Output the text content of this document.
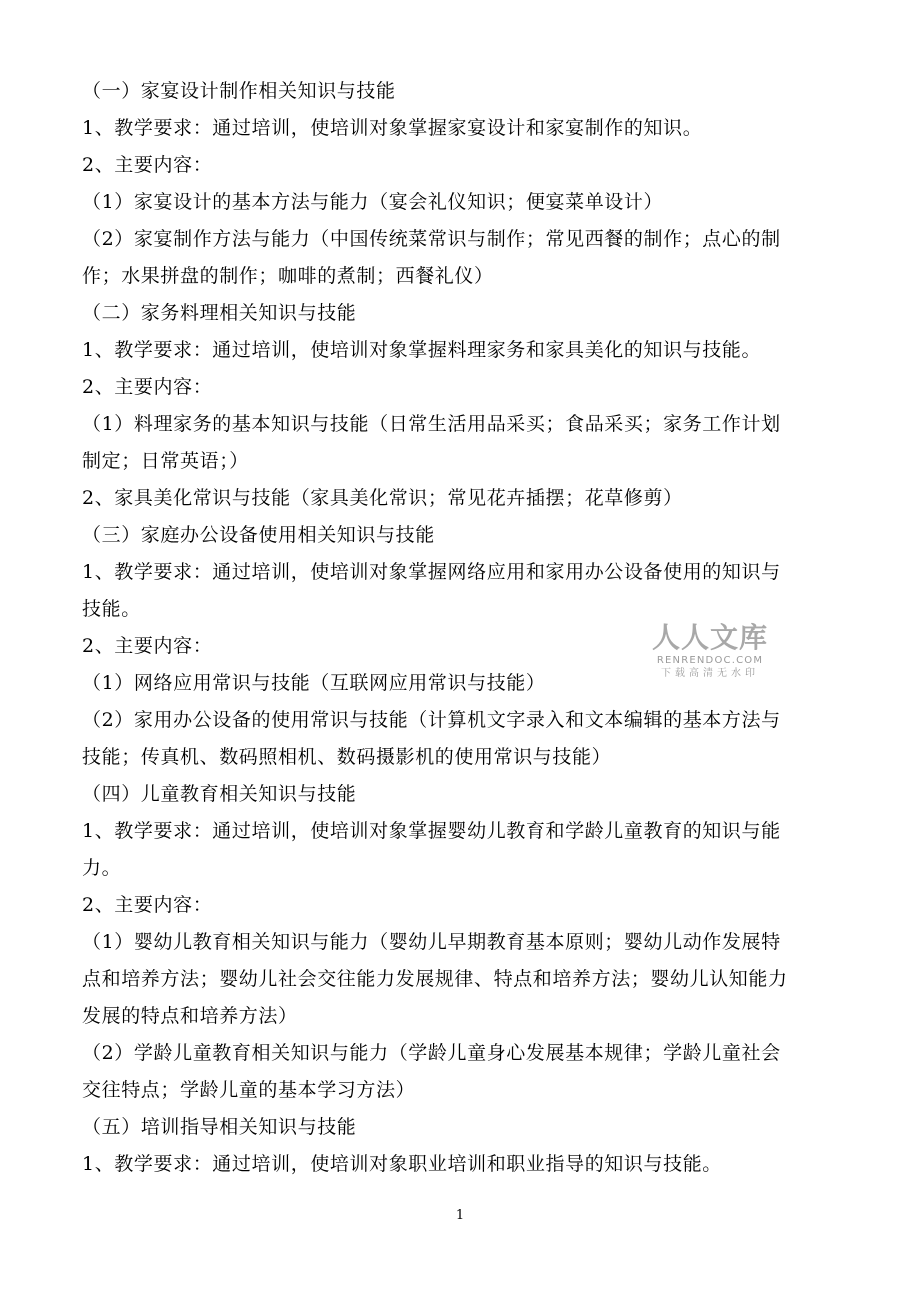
（一）家宴设计制作相关知识与技能
1、教学要求：通过培训，使培训对象掌握家宴设计和家宴制作的知识。
2、主要内容：
（1）家宴设计的基本方法与能力（宴会礼仪知识；便宴菜单设计）
（2）家宴制作方法与能力（中国传统菜常识与制作；常见西餐的制作；点心的制
作；水果拼盘的制作；咖啡的煮制；西餐礼仪）
（二）家务料理相关知识与技能
1、教学要求：通过培训，使培训对象掌握料理家务和家具美化的知识与技能。
2、主要内容：
（1）料理家务的基本知识与技能（日常生活用品采买；食品采买；家务工作计划
制定；日常英语；）
2、家具美化常识与技能（家具美化常识；常见花卉插摆；花草修剪）
（三）家庭办公设备使用相关知识与技能
1、教学要求：通过培训，使培训对象掌握网络应用和家用办公设备使用的知识与
技能。
2、主要内容：
（1）网络应用常识与技能（互联网应用常识与技能）
（2）家用办公设备的使用常识与技能（计算机文字录入和文本编辑的基本方法与
技能；传真机、数码照相机、数码摄影机的使用常识与技能）
（四）儿童教育相关知识与技能
1、教学要求：通过培训，使培训对象掌握婴幼儿教育和学龄儿童教育的知识与能
力。
2、主要内容：
（1）婴幼儿教育相关知识与能力（婴幼儿早期教育基本原则；婴幼儿动作发展特
点和培养方法；婴幼儿社会交往能力发展规律、特点和培养方法；婴幼儿认知能力
发展的特点和培养方法）
（2）学龄儿童教育相关知识与能力（学龄儿童身心发展基本规律；学龄儿童社会
交往特点；学龄儿童的基本学习方法）
（五）培训指导相关知识与技能
1、教学要求：通过培训，使培训对象职业培训和职业指导的知识与技能。
1
人人文库
RENRENDOC.COM
下载高清无水印
